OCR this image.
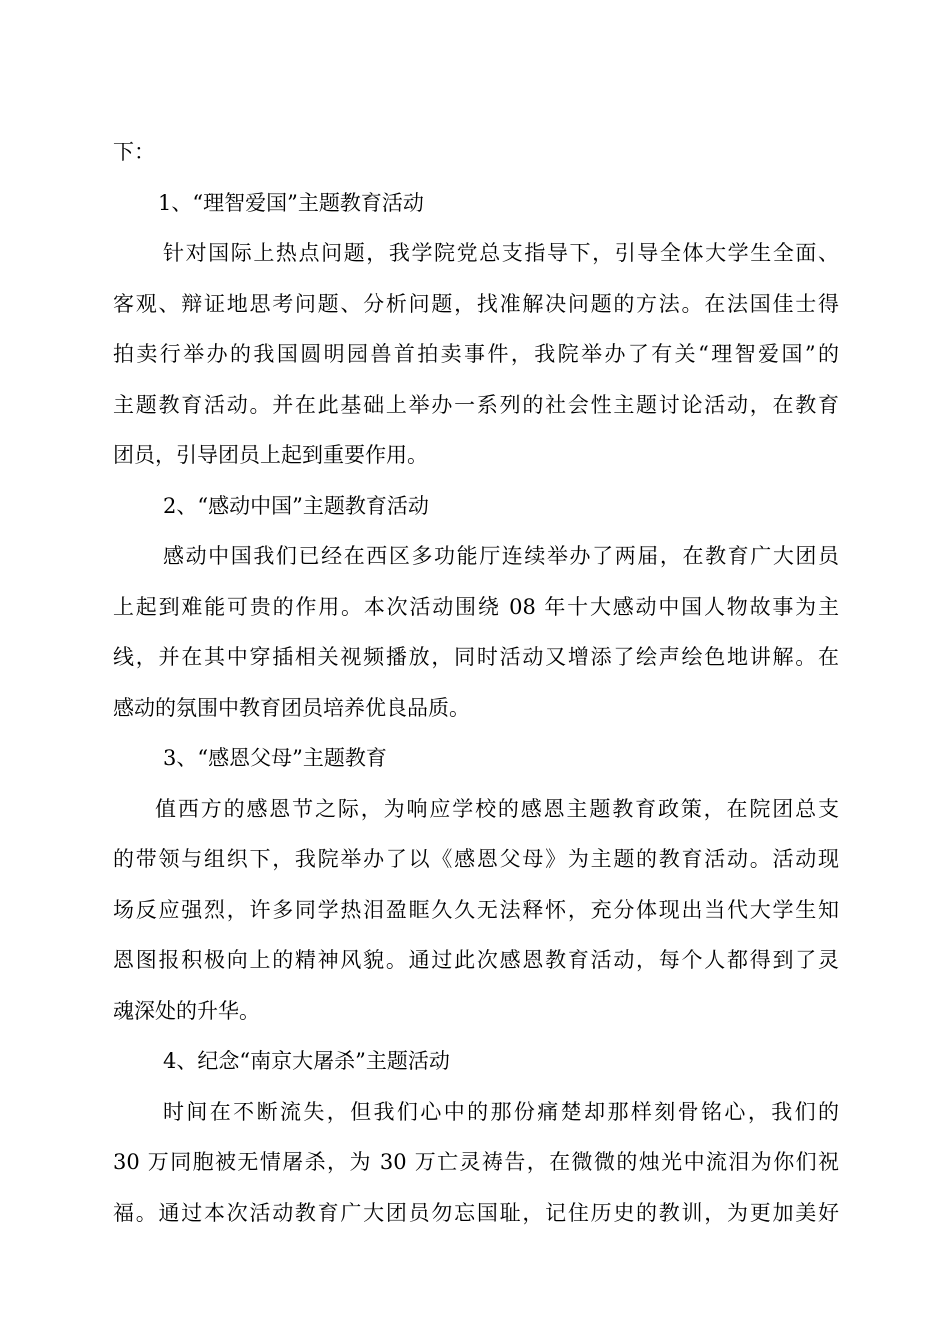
下：
1、“理智爱国”主题教育活动
针对国际上热点问题，我学院党总支指导下，引导全体大学生全面、
客观、辩证地思考问题、分析问题，找准解决问题的方法。在法国佳士得
拍卖行举办的我国圆明园兽首拍卖事件，我院举办了有关“理智爱国”的
主题教育活动。并在此基础上举办一系列的社会性主题讨论活动，在教育
团员，引导团员上起到重要作用。
2、“感动中国”主题教育活动
感动中国我们已经在西区多功能厅连续举办了两届，在教育广大团员
上起到难能可贵的作用。本次活动围绕 08 年十大感动中国人物故事为主
线，并在其中穿插相关视频播放，同时活动又增添了绘声绘色地讲解。在
感动的氛围中教育团员培养优良品质。
3、“感恩父母”主题教育
值西方的感恩节之际，为响应学校的感恩主题教育政策，在院团总支
的带领与组织下，我院举办了以《感恩父母》为主题的教育活动。活动现
场反应强烈，许多同学热泪盈眶久久无法释怀，充分体现出当代大学生知
恩图报积极向上的精神风貌。通过此次感恩教育活动，每个人都得到了灵
魂深处的升华。
4、纪念“南京大屠杀”主题活动
时间在不断流失，但我们心中的那份痛楚却那样刻骨铭心，我们的
30 万同胞被无情屠杀，为 30 万亡灵祷告，在微微的烛光中流泪为你们祝
福。通过本次活动教育广大团员勿忘国耻，记住历史的教训，为更加美好
